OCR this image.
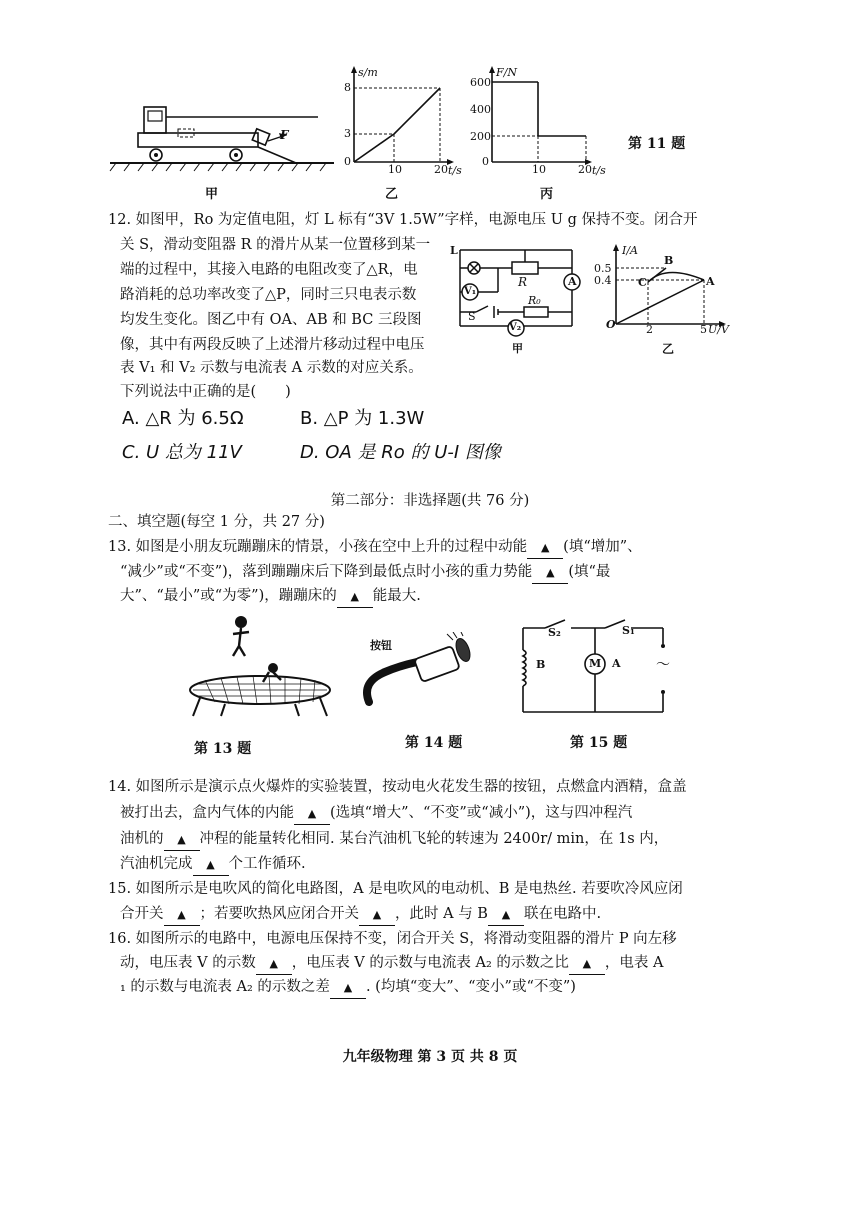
F
甲
s/m
8
3
0
10	20 t/s
乙
F/N
600
400
200
0
10	20 t/s
丙
第 11 题
12. 如图甲，Ro 为定值电阻，灯 L 标有“3V 1.5W”字样，电源电压 U g 保持不变。闭合开
关 S，滑动变阻器 R 的滑片从某一位置移到某一
端的过程中，其接入电路的电阻改变了△R，电
路消耗的总功率改变了△P，同时三只电表示数
均发生变化。图乙中有 OA、AB 和 BC 三段图
像，其中有两段反映了上述滑片移动过程中电压
表 V₁ 和 V₂ 示数与电流表 A 示数的对应关系。
下列说法中正确的是(　　)
A. △R 为 6.5Ω	B. △P 为 1.3W
C. U 总为 11V	D. OA 是 Ro 的 U-I 图像
L
R	A
V₁
R₀
S
V₂
甲
I/A
0.5
0.4
B
C	A
O	2	5 U/V
乙
第二部分：非选择题(共 76 分)
二、填空题(每空 1 分，共 27 分)
13. 如图是小朋友玩蹦蹦床的情景，小孩在空中上升的过程中动能 ▲ (填“增加”、
“减少”或“不变”)，落到蹦蹦床后下降到最低点时小孩的重力势能 ▲ (填“最
大”、“最小”或“为零”)，蹦蹦床的 ▲ 能最大.
第 13 题
按钮
第 14 题
S₂	S₁
B	M A	～
第 15 题
14. 如图所示是演示点火爆炸的实验装置，按动电火花发生器的按钮，点燃盒内酒精，盒盖
被打出去，盒内气体的内能 ▲ (选填“增大”、“不变”或“减小”)，这与四冲程汽
油机的 ▲ 冲程的能量转化相同. 某台汽油机飞轮的转速为 2400r/ min，在 1s 内，
汽油机完成 ▲ 个工作循环.
15. 如图所示是电吹风的简化电路图，A 是电吹风的电动机、B 是电热丝. 若要吹冷风应闭
合开关 ▲ ；若要吹热风应闭合开关 ▲ ，此时 A 与 B ▲ 联在电路中.
16. 如图所示的电路中，电源电压保持不变，闭合开关 S，将滑动变阻器的滑片 P 向左移
动，电压表 V 的示数 ▲ ，电压表 V 的示数与电流表 A₂ 的示数之比 ▲ ，电表 A
₁ 的示数与电流表 A₂ 的示数之差 ▲ . (均填“变大”、“变小”或“不变”)
九年级物理 第 3 页 共 8 页
